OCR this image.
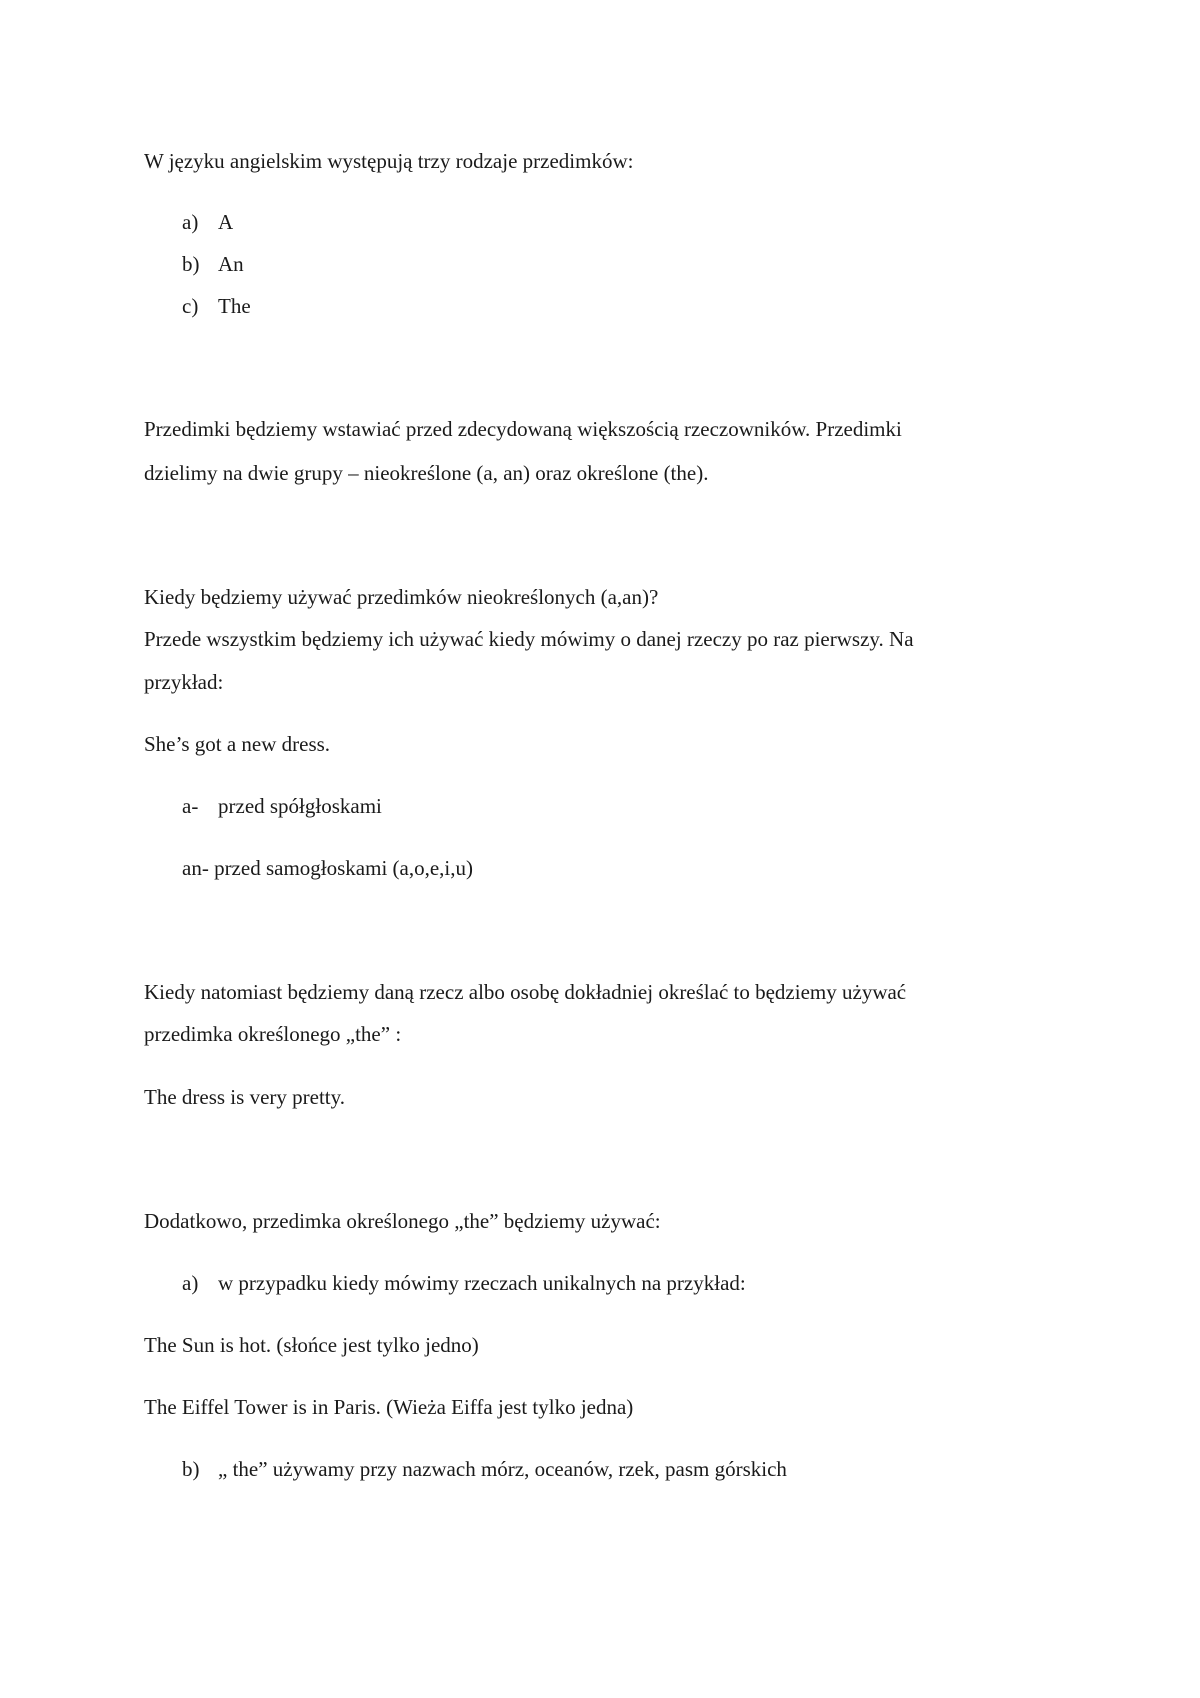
W języku angielskim występują trzy rodzaje przedimków:
a) A
b) An
c) The
Przedimki będziemy wstawiać przed zdecydowaną większością rzeczowników. Przedimki
dzielimy na dwie grupy – nieokreślone (a, an) oraz określone (the).
Kiedy będziemy używać przedimków nieokreślonych (a,an)?
Przede wszystkim będziemy ich używać kiedy mówimy o danej rzeczy po raz pierwszy. Na
przykład:
She’s got a new dress.
a- przed spółgłoskami
an- przed samogłoskami (a,o,e,i,u)
Kiedy natomiast będziemy daną rzecz albo osobę dokładniej określać to będziemy używać
przedimka określonego „the” :
The dress is very pretty.
Dodatkowo, przedimka określonego „the” będziemy używać:
a) w przypadku kiedy mówimy rzeczach unikalnych na przykład:
The Sun is hot. (słońce jest tylko jedno)
The Eiffel Tower is in Paris. (Wieża Eiffa jest tylko jedna)
b) „ the” używamy przy nazwach mórz, oceanów, rzek, pasm górskich
